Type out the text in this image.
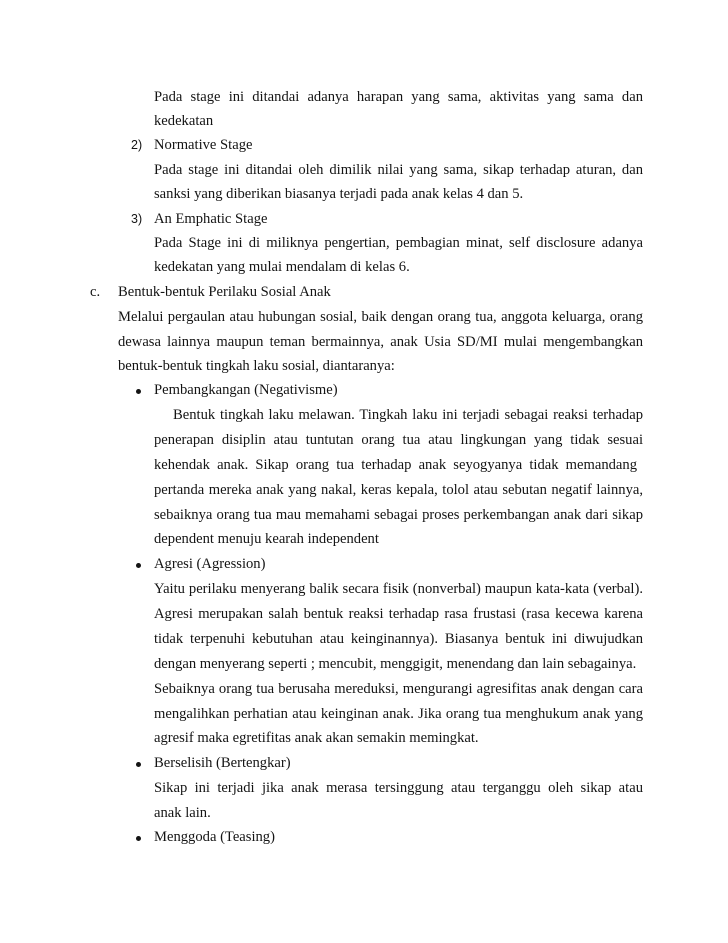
Pada stage ini ditandai adanya harapan yang sama, aktivitas yang sama dan
kedekatan
2) Normative Stage
Pada stage ini ditandai oleh dimilik nilai yang sama, sikap terhadap aturan, dan
sanksi yang diberikan biasanya terjadi pada anak kelas 4 dan 5.
3) An Emphatic Stage
Pada Stage ini di miliknya pengertian, pembagian minat, self disclosure adanya
kedekatan yang mulai mendalam di kelas 6.
c. Bentuk-bentuk Perilaku Sosial Anak
Melalui pergaulan atau hubungan sosial, baik dengan orang tua, anggota keluarga, orang
dewasa lainnya maupun teman bermainnya, anak Usia SD/MI mulai mengembangkan
bentuk-bentuk tingkah laku sosial, diantaranya:
Pembangkangan (Negativisme)
Bentuk tingkah laku melawan. Tingkah laku ini terjadi sebagai reaksi terhadap
penerapan disiplin atau tuntutan orang tua atau lingkungan yang tidak sesuai
kehendak anak. Sikap orang tua terhadap anak seyogyanya tidak memandang
pertanda mereka anak yang nakal, keras kepala, tolol atau sebutan negatif lainnya,
sebaiknya orang tua mau memahami sebagai proses perkembangan anak dari sikap
dependent menuju kearah independent
Agresi (Agression)
Yaitu perilaku menyerang balik secara fisik (nonverbal) maupun kata-kata (verbal).
Agresi merupakan salah bentuk reaksi terhadap rasa frustasi (rasa kecewa karena
tidak terpenuhi kebutuhan atau keinginannya). Biasanya bentuk ini diwujudkan
dengan menyerang seperti ; mencubit, menggigit, menendang dan lain sebagainya.
Sebaiknya orang tua berusaha mereduksi, mengurangi agresifitas anak dengan cara
mengalihkan perhatian atau keinginan anak. Jika orang tua menghukum anak yang
agresif maka egretifitas anak akan semakin memingkat.
Berselisih (Bertengkar)
Sikap ini terjadi jika anak merasa tersinggung atau terganggu oleh sikap atau
anak lain.
Menggoda (Teasing)
